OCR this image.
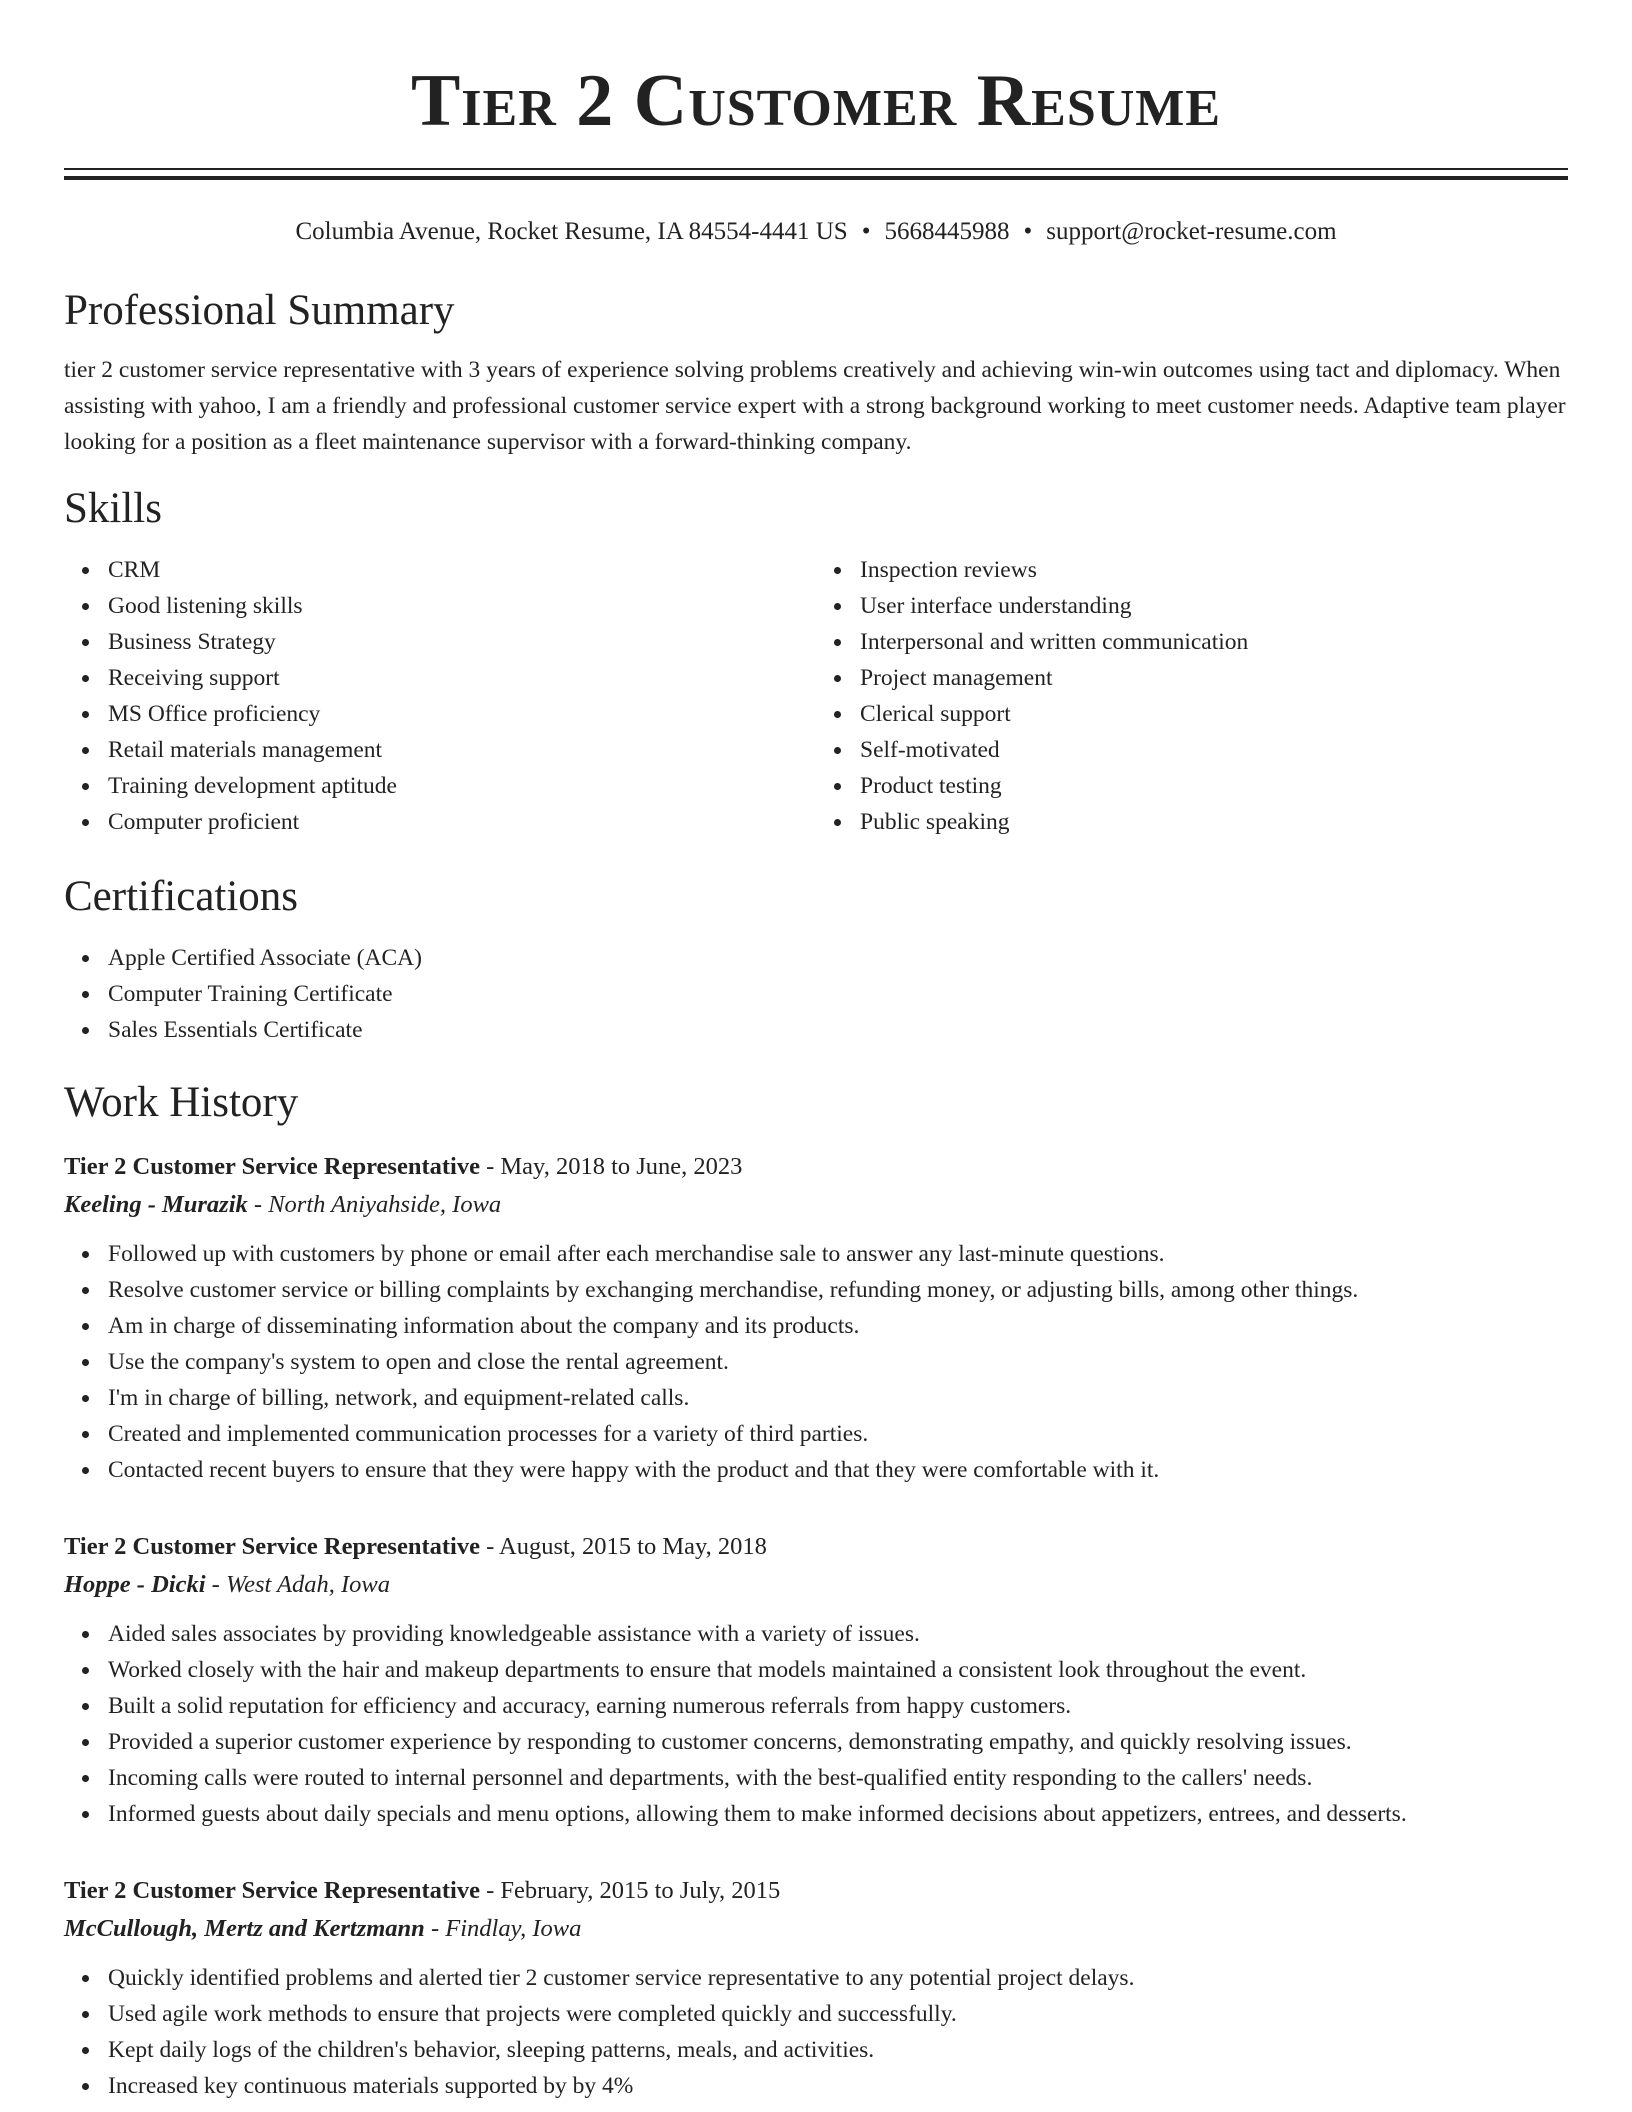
Tier 2 Customer Resume
Columbia Avenue, Rocket Resume, IA 84554-4441 US • 5668445988 • support@rocket-resume.com
Professional Summary

tier 2 customer service representative with 3 years of experience solving problems creatively and achieving win-win outcomes using tact and diplomacy. When assisting with yahoo, I am a friendly and professional customer service expert with a strong background working to meet customer needs. Adaptive team player looking for a position as a fleet maintenance supervisor with a forward-thinking company.

Skills
CRM
Good listening skills
Business Strategy
Receiving support
MS Office proficiency
Retail materials management
Training development aptitude
Computer proficient
Inspection reviews
User interface understanding
Interpersonal and written communication
Project management
Clerical support
Self-motivated
Product testing
Public speaking
Certifications
Apple Certified Associate (ACA)
Computer Training Certificate
Sales Essentials Certificate
Work History
Tier 2 Customer Service Representative - May, 2018 to June, 2023
Keeling - Murazik - North Aniyahside, Iowa
Followed up with customers by phone or email after each merchandise sale to answer any last-minute questions.
Resolve customer service or billing complaints by exchanging merchandise, refunding money, or adjusting bills, among other things.
Am in charge of disseminating information about the company and its products.
Use the company's system to open and close the rental agreement.
I'm in charge of billing, network, and equipment-related calls.
Created and implemented communication processes for a variety of third parties.
Contacted recent buyers to ensure that they were happy with the product and that they were comfortable with it.
Tier 2 Customer Service Representative - August, 2015 to May, 2018
Hoppe - Dicki - West Adah, Iowa
Aided sales associates by providing knowledgeable assistance with a variety of issues.
Worked closely with the hair and makeup departments to ensure that models maintained a consistent look throughout the event.
Built a solid reputation for efficiency and accuracy, earning numerous referrals from happy customers.
Provided a superior customer experience by responding to customer concerns, demonstrating empathy, and quickly resolving issues.
Incoming calls were routed to internal personnel and departments, with the best-qualified entity responding to the callers' needs.
Informed guests about daily specials and menu options, allowing them to make informed decisions about appetizers, entrees, and desserts.
Tier 2 Customer Service Representative - February, 2015 to July, 2015
McCullough, Mertz and Kertzmann - Findlay, Iowa
Quickly identified problems and alerted tier 2 customer service representative to any potential project delays.
Used agile work methods to ensure that projects were completed quickly and successfully.
Kept daily logs of the children's behavior, sleeping patterns, meals, and activities.
Increased key continuous materials supported by by 4%
